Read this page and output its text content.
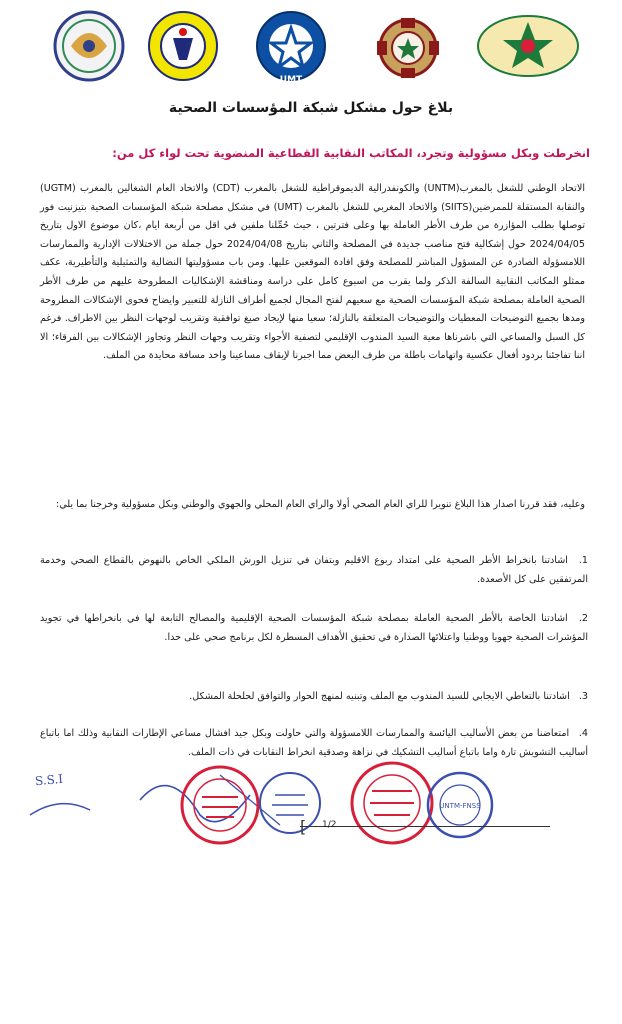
UMT
بلاغ حول مشكل شبكة المؤسسات الصحية
انخرطت وبكل مسؤولية وتجرد، المكاتب النقابية القطاعية المنضوية تحت لواء كل من:
الاتحاد الوطني للشغل بالمغرب(UNTM) والكونفدرالية الديموقراطية للشغل بالمغرب (CDT) والاتحاد العام الشغالين بالمغرب (UGTM) والنقابة المستقلة للممرضين(SIITS) والاتحاد المغربي للشغل بالمغرب (UMT) في مشكل مصلحة شبكة المؤسسات الصحية بتيزنيت فور توصلها بطلب المؤازرة من طرف الأطر العاملة بها وعلى فترتين ، حيث حُمِّلنا ملفين في اقل من أربعة ايام ،كان موضوع الاول بتاريخ 2024/04/05 حول إشكالية فتح مناصب جديدة في المصلحة والثاني بتاريخ 2024/04/08 حول جملة من الاختلالات الإدارية والممارسات اللامسؤولة الصادرة عن المسؤول المباشر للمصلحة وفق افادة الموقعين عليها. ومن باب مسؤوليتها النضالية والتمثيلية والتأطيرية، عكف ممثلو المكاتب النقابية السالفة الذكر ولما يقرب من اسبوع كامل على دراسة ومناقشة الإشكاليات المطروحة عليهم من طرف الأطر الصحية العاملة بمصلحة شبكة المؤسسات الصحية مع سعيهم لفتح المجال لجميع أطراف النازلة للتعبير وايضاح فحوى الإشكالات المطروحة ومدها بجميع التوضيحات المعطيات والتوضيحات المتعلقة بالنازلة؛ سعيا منها لإيجاد صيغ توافقية وتقريب لوجهات النظر بين الاطراف. فرغم كل السبل والمساعي التي باشرناها معية السيد المندوب الإقليمي لتصفية الأجواء وتقريب وجهات النظر وتجاوز الإشكالات بين الفرقاء؛ الا اننا تفاجئنا بردود أفعال عكسية واتهامات باطلة من طرف البعض مما اجبرنا لإيقاف مساعينا واخد مسافة محايدة من الملف.
وعليه، فقد قررنا اصدار هذا البلاغ تنويرا للراي العام الصحي أولا والراي العام المحلي والجهوي والوطني وبكل مسؤولية وخرجنا بما يلي:
1. اشادتنا بانخراط الأطر الصحية على امتداد ربوع الاقليم وبتفان في تنزيل الورش الملكي الخاص بالنهوض بالقطاع الصحي وخدمة المرتفقين على كل الأصعدة.
2. اشادتنا الخاصة بالأطر الصحية العاملة بمصلحة شبكة المؤسسات الصحية الإقليمية والمصالح التابعة لها في بانخراطها في تجويد المؤشرات الصحية جهويا ووطنيا واعتلائها الصدارة في تحقيق الأهداف المسطرة لكل برنامج صحي على حدا.
3. اشادتنا بالتعاطي الايجابي للسيد المندوب مع الملف وتبنيه لمنهج الحوار والتوافق لحلحلة المشكل.
4. امتعاضنا من بعض الأساليب اليائسة والممارسات اللامسؤولة والتي حاولت وبكل جيد افشال مساعي الإطارات النقابية وذلك اما باتباع أساليب التشويش تارة واما باتباع أساليب التشكيك في نزاهة وصدقية انخراط النقابات في ذات الملف.
UNTM-FNSS
S.S.I
[ 1/2
